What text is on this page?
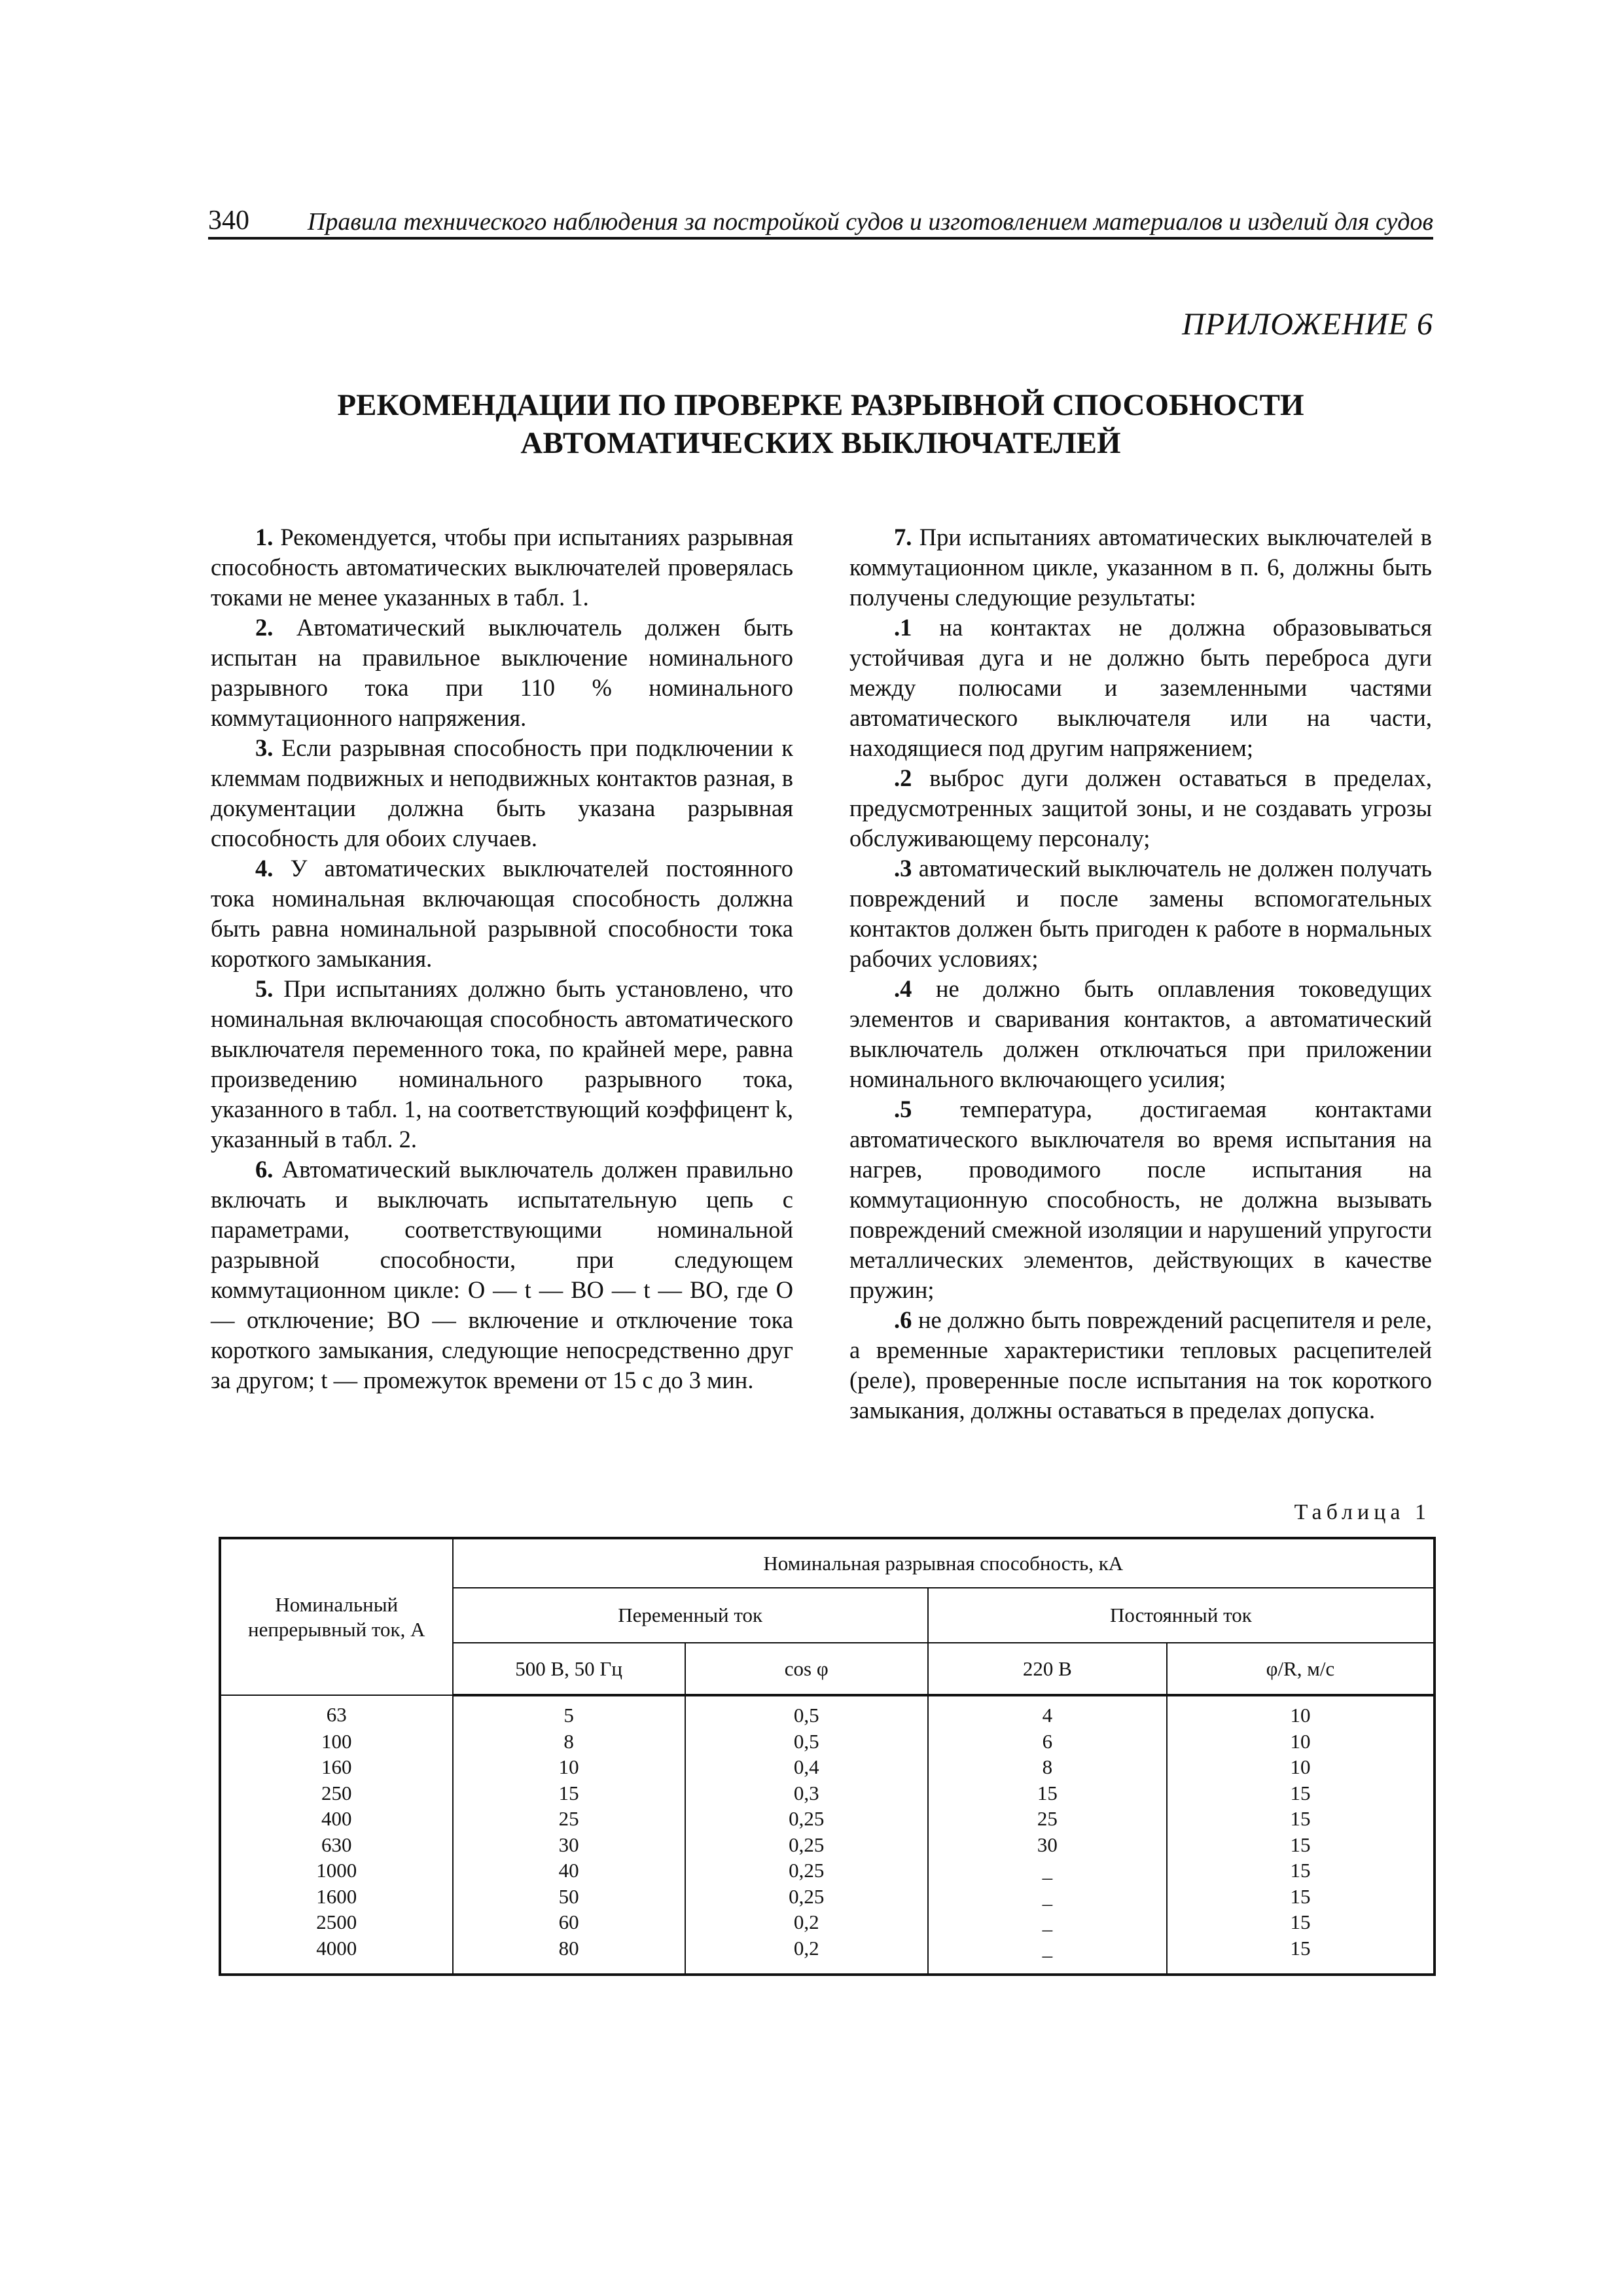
340 Правила технического наблюдения за постройкой судов и изготовлением материалов и изделий для судов
ПРИЛОЖЕНИЕ 6
РЕКОМЕНДАЦИИ ПО ПРОВЕРКЕ РАЗРЫВНОЙ СПОСОБНОСТИ
АВТОМАТИЧЕСКИХ ВЫКЛЮЧАТЕЛЕЙ

1. Рекомендуется, чтобы при испытаниях разрывная способность автоматических выключателей проверялась токами не менее указанных в табл. 1.

2. Автоматический выключатель должен быть испытан на правильное выключение номинального разрывного тока при 110 % номинального коммутационного напряжения.

3. Если разрывная способность при подключении к клеммам подвижных и неподвижных контактов разная, в документации должна быть указана разрывная способность для обоих случаев.

4. У автоматических выключателей постоянного тока номинальная включающая способность должна быть равна номинальной разрывной способности тока короткого замыкания.

5. При испытаниях должно быть установлено, что номинальная включающая способность автоматического выключателя переменного тока, по крайней мере, равна произведению номинального разрывного тока, указанного в табл. 1, на соответствующий коэффицент k, указанный в табл. 2.

6. Автоматический выключатель должен правильно включать и выключать испытательную цепь с параметрами, соответствующими номинальной разрывной способности, при следующем коммутационном цикле: О — t — ВО — t — ВО, где О — отключение; ВО — включение и отключение тока короткого замыкания, следующие непосредственно друг за другом; t — промежуток времени от 15 с до 3 мин.

7. При испытаниях автоматических выключателей в коммутационном цикле, указанном в п. 6, должны быть получены следующие результаты:

.1 на контактах не должна образовываться устойчивая дуга и не должно быть переброса дуги между полюсами и заземленными частями автоматического выключателя или на части, находящиеся под другим напряжением;

.2 выброс дуги должен оставаться в пределах, предусмотренных защитой зоны, и не создавать угрозы обслуживающему персоналу;

.3 автоматический выключатель не должен получать повреждений и после замены вспомогательных контактов должен быть пригоден к работе в нормальных рабочих условиях;

.4 не должно быть оплавления токоведущих элементов и сваривания контактов, а автоматический выключатель должен отключаться при приложении номинального включающего усилия;

.5 температура, достигаемая контактами автоматического выключателя во время испытания на нагрев, проводимого после испытания на коммутационную способность, не должна вызывать повреждений смежной изоляции и нарушений упругости металлических элементов, действующих в качестве пружин;

.6 не должно быть повреждений расцепителя и реле, а временные характеристики тепловых расцепителей (реле), проверенные после испытания на ток короткого замыкания, должны оставаться в пределах допуска.

Таблица 1
Номинальный непрерывный ток, А	Номинальная разрывная способность, кА			
	Переменный ток		Постоянный ток	
	500 В, 50 Гц	cos φ	220 В	φ/R, м/с
63	5	0,5	4	10
100	8	0,5	6	10
160	10	0,4	8	10
250	15	0,3	15	15
400	25	0,25	25	15
630	30	0,25	30	15
1000	40	0,25	_	15
1600	50	0,25	_	15
2500	60	0,2	_	15
4000	80	0,2	_	15
